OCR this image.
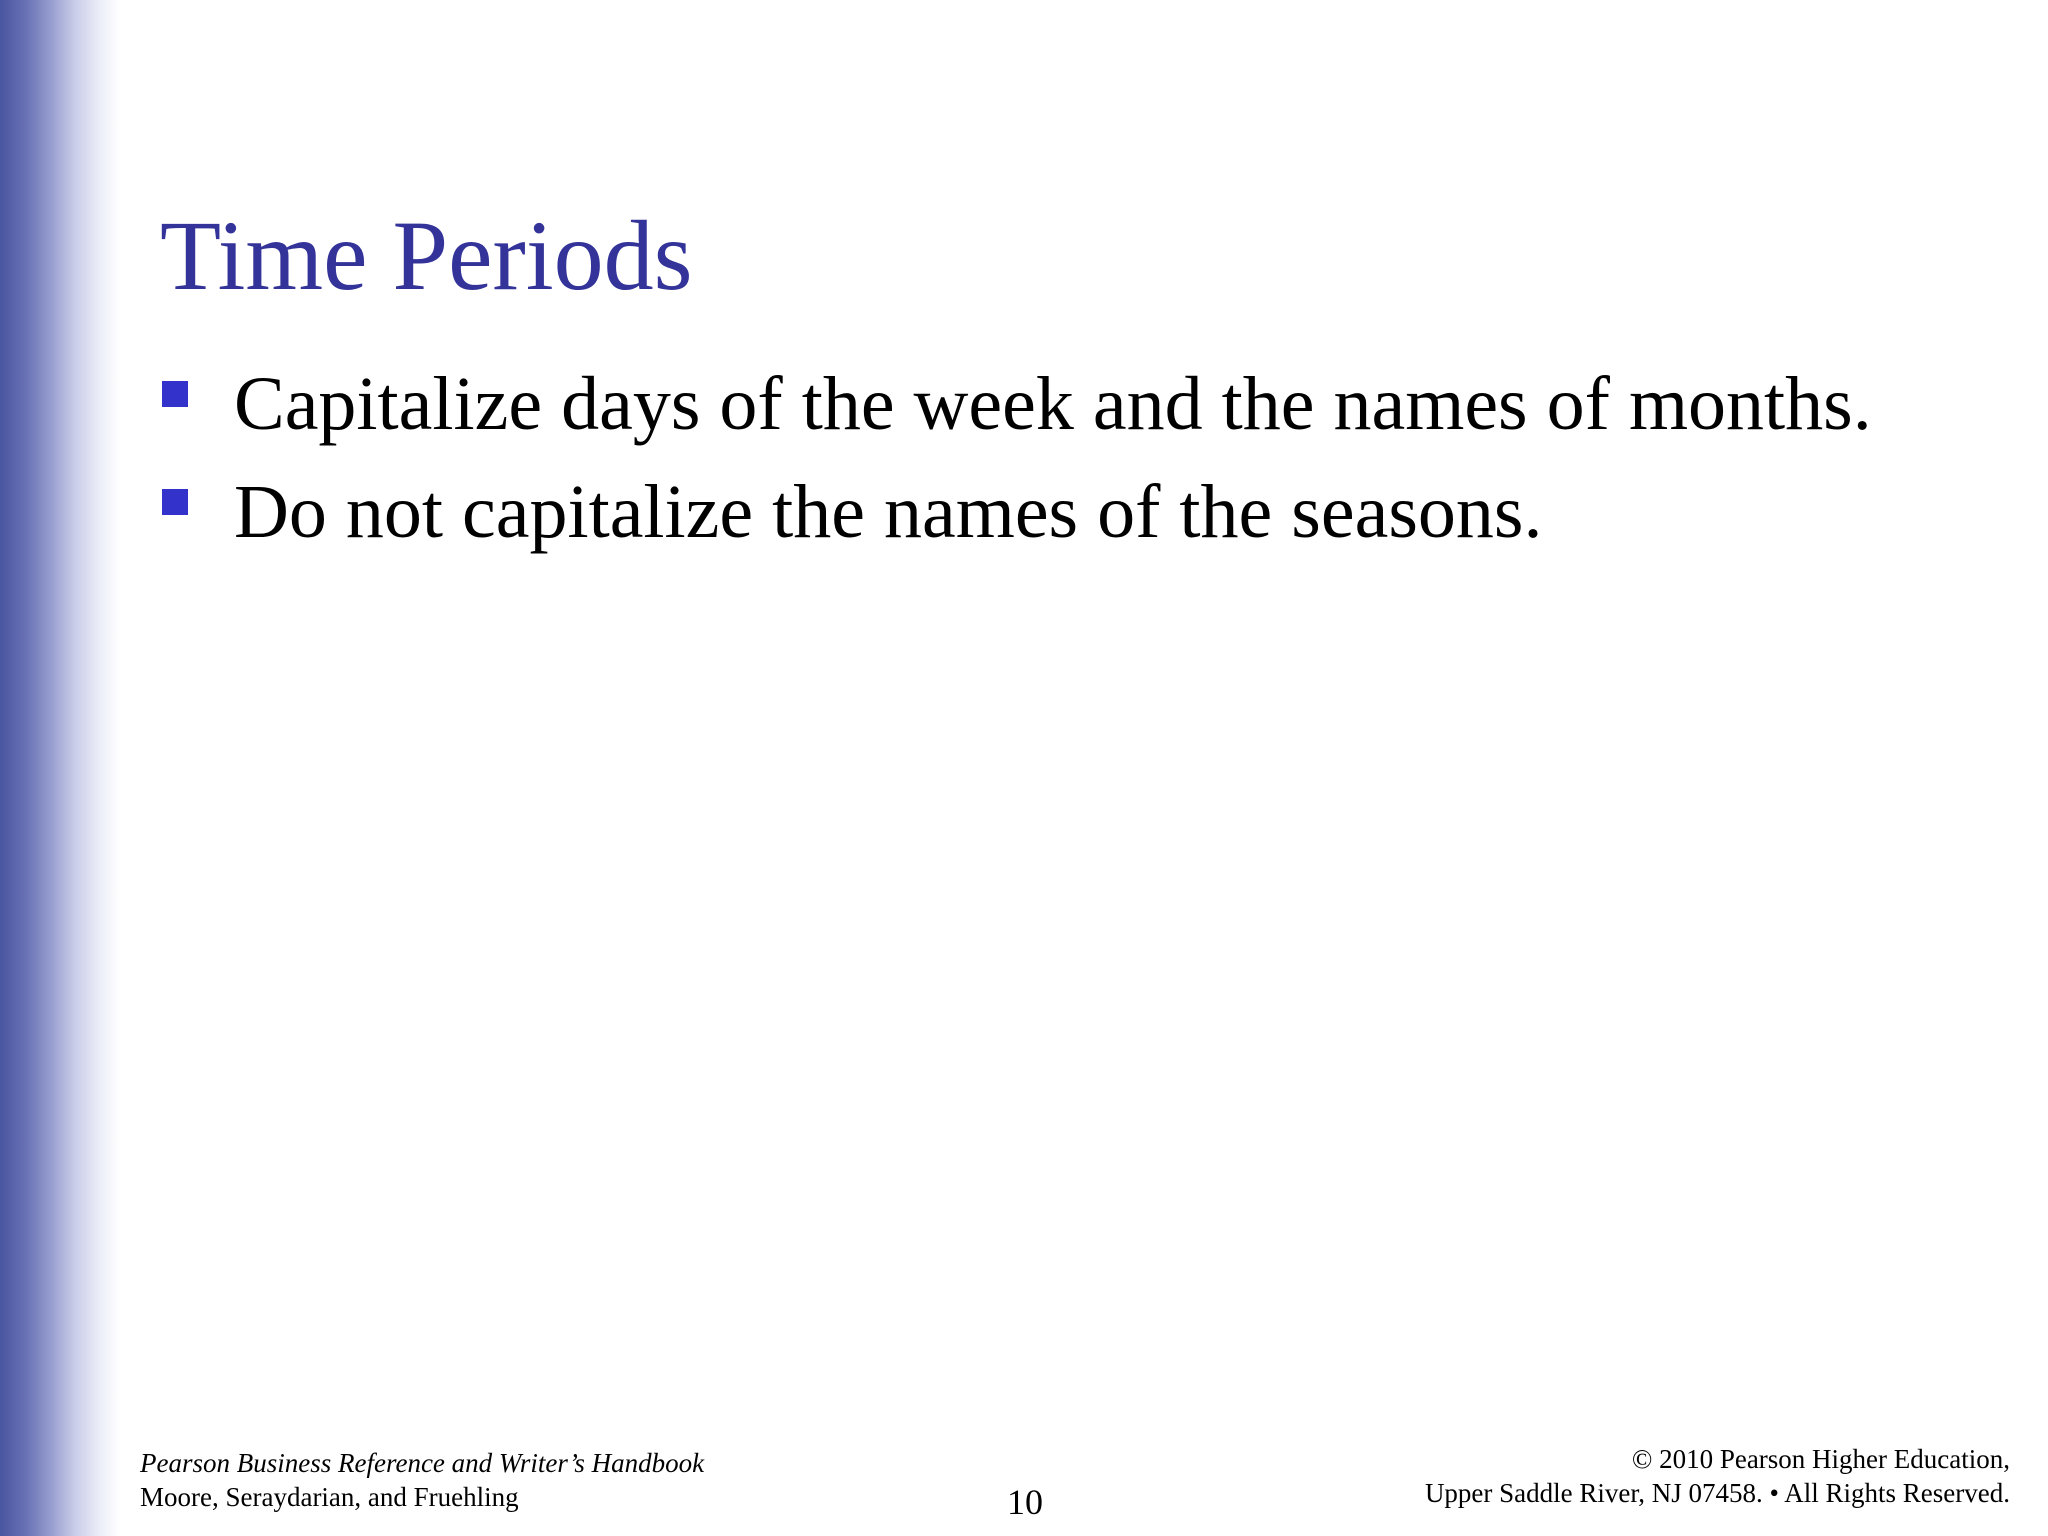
Time Periods
Capitalize days of the week and the names of months.
Do not capitalize the names of the seasons.
Pearson Business Reference and Writer’s Handbook
Moore, Seraydarian, and Fruehling	10
© 2010 Pearson Higher Education,
Upper Saddle River, NJ 07458. • All Rights Reserved.
